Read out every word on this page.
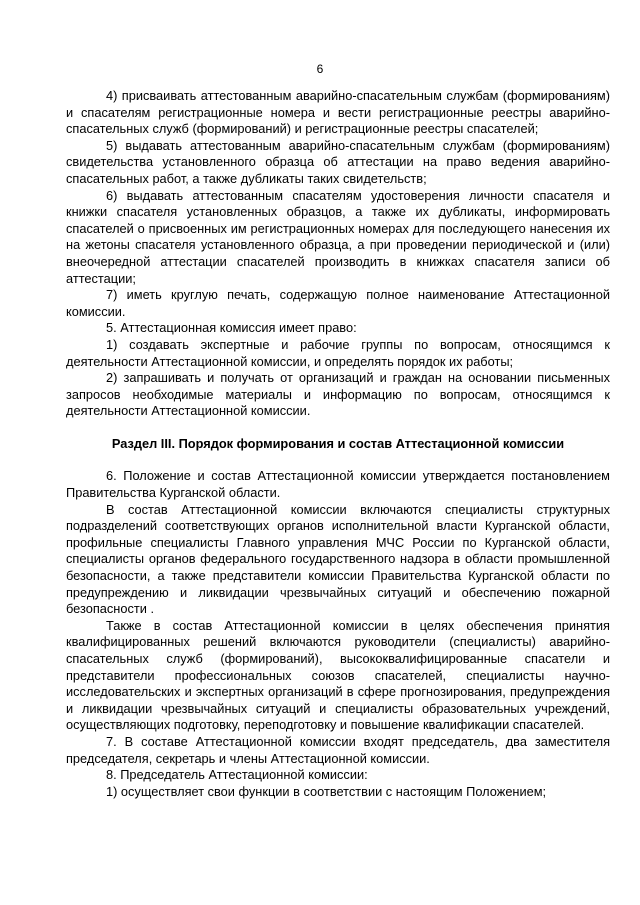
6

4) присваивать аттестованным аварийно-спасательным службам (формированиям) и спасателям регистрационные номера и вести регистрационные реестры аварийно-спасательных служб (формирований) и регистрационные реестры спасателей;

5) выдавать аттестованным аварийно-спасательным службам (формированиям) свидетельства установленного образца об аттестации на право ведения аварийно-спасательных работ, а также дубликаты таких свидетельств;

6) выдавать аттестованным спасателям удостоверения личности спасателя и книжки спасателя установленных образцов, а также их дубликаты, информировать спасателей о присвоенных им регистрационных номерах для последующего нанесения их на жетоны спасателя установленного образца, а при проведении периодической и (или) внеочередной аттестации спасателей производить в книжках спасателя записи об аттестации;

7) иметь круглую печать, содержащую полное наименование Аттестационной комиссии.

5. Аттестационная комиссия имеет право:

1) создавать экспертные и рабочие группы по вопросам, относящимся к деятельности Аттестационной комиссии, и определять порядок их работы;

2) запрашивать и получать от организаций и граждан на основании письменных запросов необходимые материалы и информацию по вопросам, относящимся к деятельности Аттестационной комиссии.

Раздел III. Порядок формирования и состав Аттестационной комиссии

6. Положение и состав Аттестационной комиссии утверждается постановлением Правительства Курганской области.

В состав Аттестационной комиссии включаются специалисты структурных подразделений соответствующих органов исполнительной власти Курганской области, профильные специалисты Главного управления МЧС России по Курганской области, специалисты органов федерального государственного надзора в области промышленной безопасности, а также представители комиссии Правительства Курганской области по предупреждению и ликвидации чрезвычайных ситуаций и обеспечению пожарной безопасности .

Также в состав Аттестационной комиссии в целях обеспечения принятия квалифицированных решений включаются руководители (специалисты) аварийно-спасательных служб (формирований), высококвалифицированные спасатели и представители профессиональных союзов спасателей, специалисты научно-исследовательских и экспертных организаций в сфере прогнозирования, предупреждения и ликвидации чрезвычайных ситуаций и специалисты образовательных учреждений, осуществляющих подготовку, переподготовку и повышение квалификации спасателей.

7. В составе Аттестационной комиссии входят председатель, два заместителя председателя, секретарь и члены Аттестационной комиссии.

8. Председатель Аттестационной комиссии:

1) осуществляет свои функции в соответствии с настоящим Положением;
